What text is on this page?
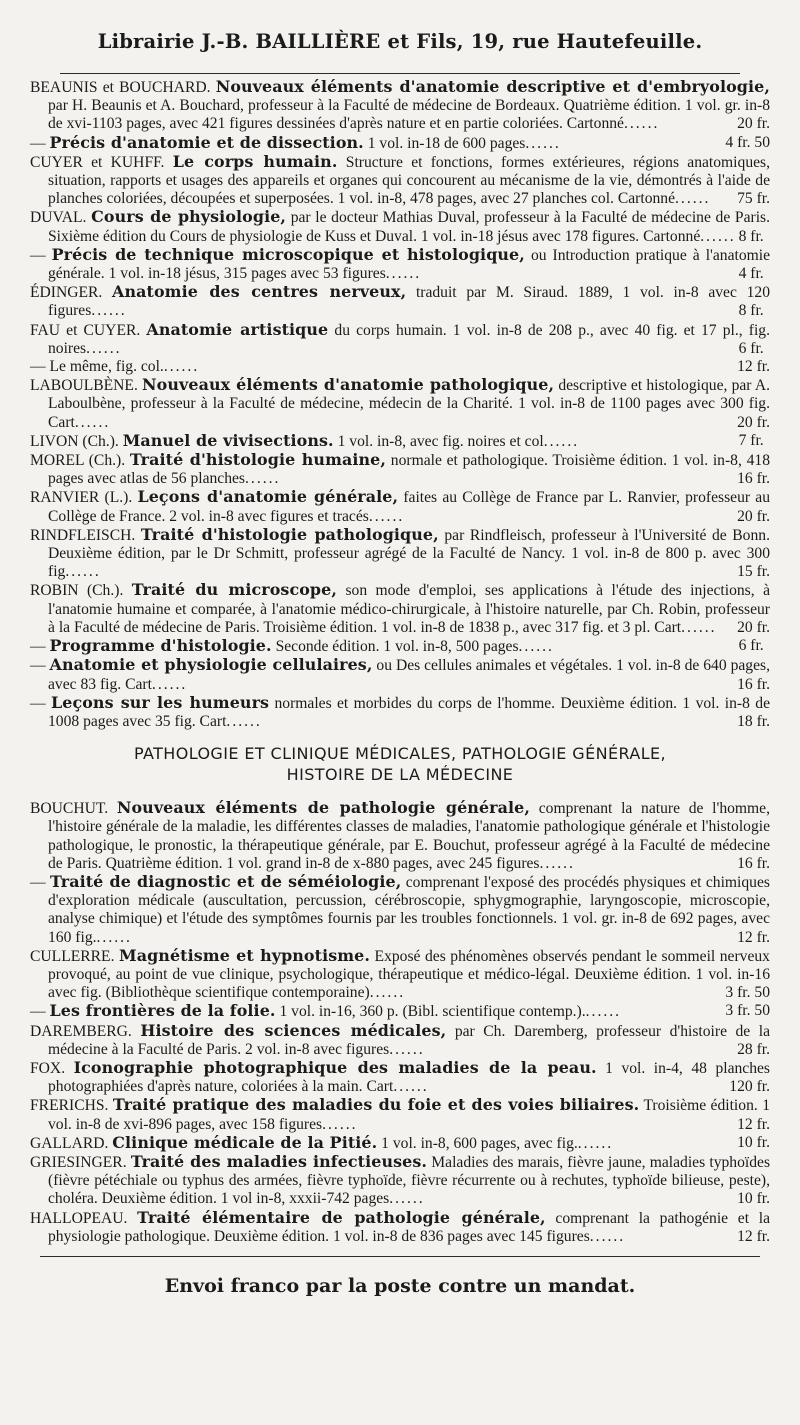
Librairie J.-B. BAILLIÈRE et Fils, 19, rue Hautefeuille.

BEAUNIS et BOUCHARD. Nouveaux éléments d'anatomie descriptive et d'embryologie, par H. Beaunis et A. Bouchard, professeur à la Faculté de médecine de Bordeaux. Quatrième édition. 1 vol. gr. in-8 de xvi-1103 pages, avec 421 figures dessinées d'après nature et en partie coloriées. Cartonné......	20 fr.

— Précis d'anatomie et de dissection. 1 vol. in-18 de 600 pages......	4 fr. 50

CUYER et KUHFF. Le corps humain. Structure et fonctions, formes extérieures, régions anatomiques, situation, rapports et usages des appareils et organes qui concourent au mécanisme de la vie, démontrés à l'aide de planches coloriées, découpées et superposées. 1 vol. in-8, 478 pages, avec 27 planches col. Cartonné...... 75 fr.

DUVAL. Cours de physiologie, par le docteur Mathias Duval, professeur à la Faculté de médecine de Paris. Sixième édition du Cours de physiologie de Kuss et Duval. 1 vol. in-18 jésus avec 178 figures. Cartonné...... 8 fr.

— Précis de technique microscopique et histologique, ou Introduction pratique à l'anatomie générale. 1 vol. in-18 jésus, 315 pages avec 53 figures......	4 fr.

ÉDINGER. Anatomie des centres nerveux, traduit par M. Siraud. 1889, 1 vol. in-8 avec 120 figures......	8 fr.

FAU et CUYER. Anatomie artistique du corps humain. 1 vol. in-8 de 208 p., avec 40 fig. et 17 pl., fig. noires......	6 fr.

— Le même, fig. col.......	12 fr.

LABOULBÈNE. Nouveaux éléments d'anatomie pathologique, descriptive et histologique, par A. Laboulbène, professeur à la Faculté de médecine, médecin de la Charité. 1 vol. in-8 de 1100 pages avec 300 fig. Cart......	20 fr.

LIVON (Ch.). Manuel de vivisections. 1 vol. in-8, avec fig. noires et col......	7 fr.

MOREL (Ch.). Traité d'histologie humaine, normale et pathologique. Troisième édition. 1 vol. in-8, 418 pages avec atlas de 56 planches......	16 fr.

RANVIER (L.). Leçons d'anatomie générale, faites au Collège de France par L. Ranvier, professeur au Collège de France. 2 vol. in-8 avec figures et tracés......	20 fr.

RINDFLEISCH. Traité d'histologie pathologique, par Rindfleisch, professeur à l'Université de Bonn. Deuxième édition, par le Dr Schmitt, professeur agrégé de la Faculté de Nancy. 1 vol. in-8 de 800 p. avec 300 fig......	15 fr.

ROBIN (Ch.). Traité du microscope, son mode d'emploi, ses applications à l'étude des injections, à l'anatomie humaine et comparée, à l'anatomie médico-chirurgicale, à l'histoire naturelle, par Ch. Robin, professeur à la Faculté de médecine de Paris. Troisième édition. 1 vol. in-8 de 1838 p., avec 317 fig. et 3 pl. Cart...... 20 fr.

— Programme d'histologie. Seconde édition. 1 vol. in-8, 500 pages......	6 fr.

— Anatomie et physiologie cellulaires, ou Des cellules animales et végétales. 1 vol. in-8 de 640 pages, avec 83 fig. Cart......	16 fr.

— Leçons sur les humeurs normales et morbides du corps de l'homme. Deuxième édition. 1 vol. in-8 de 1008 pages avec 35 fig. Cart......	18 fr.

PATHOLOGIE ET CLINIQUE MÉDICALES, PATHOLOGIE GÉNÉRALE,
HISTOIRE DE LA MÉDECINE

BOUCHUT. Nouveaux éléments de pathologie générale, comprenant la nature de l'homme, l'histoire générale de la maladie, les différentes classes de maladies, l'anatomie pathologique générale et l'histologie pathologique, le pronostic, la thérapeutique générale, par E. Bouchut, professeur agrégé à la Faculté de médecine de Paris. Quatrième édition. 1 vol. grand in-8 de x-880 pages, avec 245 figures......	16 fr.

— Traité de diagnostic et de séméiologie, comprenant l'exposé des procédés physiques et chimiques d'exploration médicale (auscultation, percussion, cérébroscopie, sphygmographie, laryngoscopie, microscopie, analyse chimique) et l'étude des symptômes fournis par les troubles fonctionnels. 1 vol. gr. in-8 de 692 pages, avec 160 fig.......	12 fr.

CULLERRE. Magnétisme et hypnotisme. Exposé des phénomènes observés pendant le sommeil nerveux provoqué, au point de vue clinique, psychologique, thérapeutique et médico-légal. Deuxième édition. 1 vol. in-16 avec fig. (Bibliothèque scientifique contemporaine)......	3 fr. 50

— Les frontières de la folie. 1 vol. in-16, 360 p. (Bibl. scientifique contemp.).......	3 fr. 50

DAREMBERG. Histoire des sciences médicales, par Ch. Daremberg, professeur d'histoire de la médecine à la Faculté de Paris. 2 vol. in-8 avec figures......	28 fr.

FOX. Iconographie photographique des maladies de la peau. 1 vol. in-4, 48 planches photographiées d'après nature, coloriées à la main. Cart......	120 fr.

FRERICHS. Traité pratique des maladies du foie et des voies biliaires. Troisième édition. 1 vol. in-8 de xvi-896 pages, avec 158 figures......	12 fr.

GALLARD. Clinique médicale de la Pitié. 1 vol. in-8, 600 pages, avec fig.......	10 fr.

GRIESINGER. Traité des maladies infectieuses. Maladies des marais, fièvre jaune, maladies typhoïdes (fièvre pétéchiale ou typhus des armées, fièvre typhoïde, fièvre récurrente ou à rechutes, typhoïde bilieuse, peste), choléra. Deuxième édition. 1 vol in-8, xxxii-742 pages......	10 fr.

HALLOPEAU. Traité élémentaire de pathologie générale, comprenant la pathogénie et la physiologie pathologique. Deuxième édition. 1 vol. in-8 de 836 pages avec 145 figures......	12 fr.

Envoi franco par la poste contre un mandat.
